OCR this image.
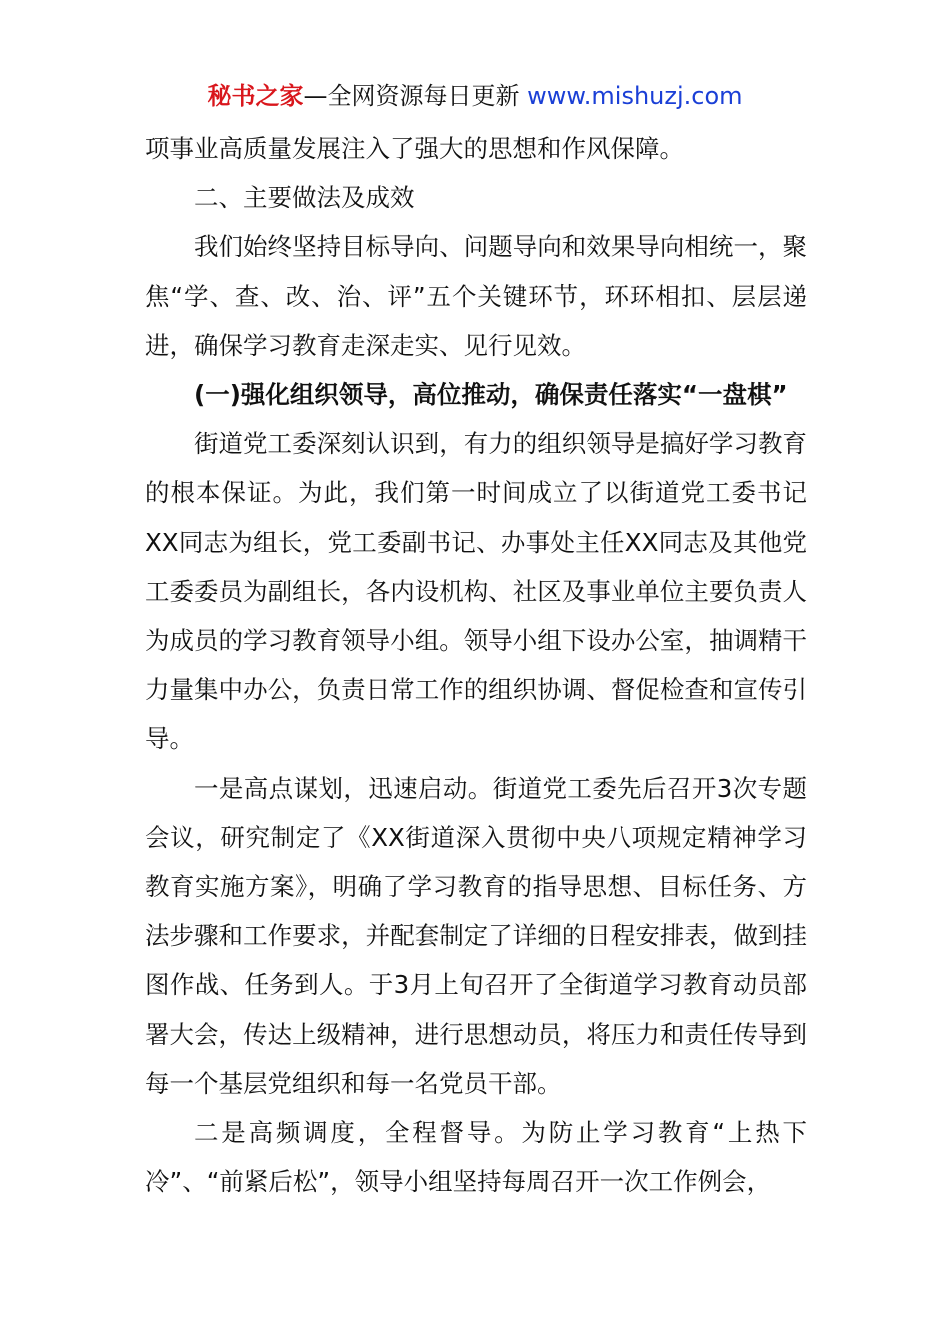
秘书之家—全网资源每日更新 www.mishuzj.com

项事业高质量发展注入了强大的思想和作风保障。

二、主要做法及成效

我们始终坚持目标导向、问题导向和效果导向相统一，聚焦“学、查、改、治、评”五个关键环节，环环相扣、层层递进，确保学习教育走深走实、见行见效。

(一)强化组织领导，高位推动，确保责任落实“一盘棋”

街道党工委深刻认识到，有力的组织领导是搞好学习教育的根本保证。为此，我们第一时间成立了以街道党工委书记XX同志为组长，党工委副书记、办事处主任XX同志及其他党工委委员为副组长，各内设机构、社区及事业单位主要负责人为成员的学习教育领导小组。领导小组下设办公室，抽调精干力量集中办公，负责日常工作的组织协调、督促检查和宣传引导。

一是高点谋划，迅速启动。街道党工委先后召开3次专题会议，研究制定了《XX街道深入贯彻中央八项规定精神学习教育实施方案》，明确了学习教育的指导思想、目标任务、方法步骤和工作要求，并配套制定了详细的日程安排表，做到挂图作战、任务到人。于3月上旬召开了全街道学习教育动员部署大会，传达上级精神，进行思想动员，将压力和责任传导到每一个基层党组织和每一名党员干部。

二是高频调度，全程督导。为防止学习教育“上热下冷”、“前紧后松”，领导小组坚持每周召开一次工作例会，
